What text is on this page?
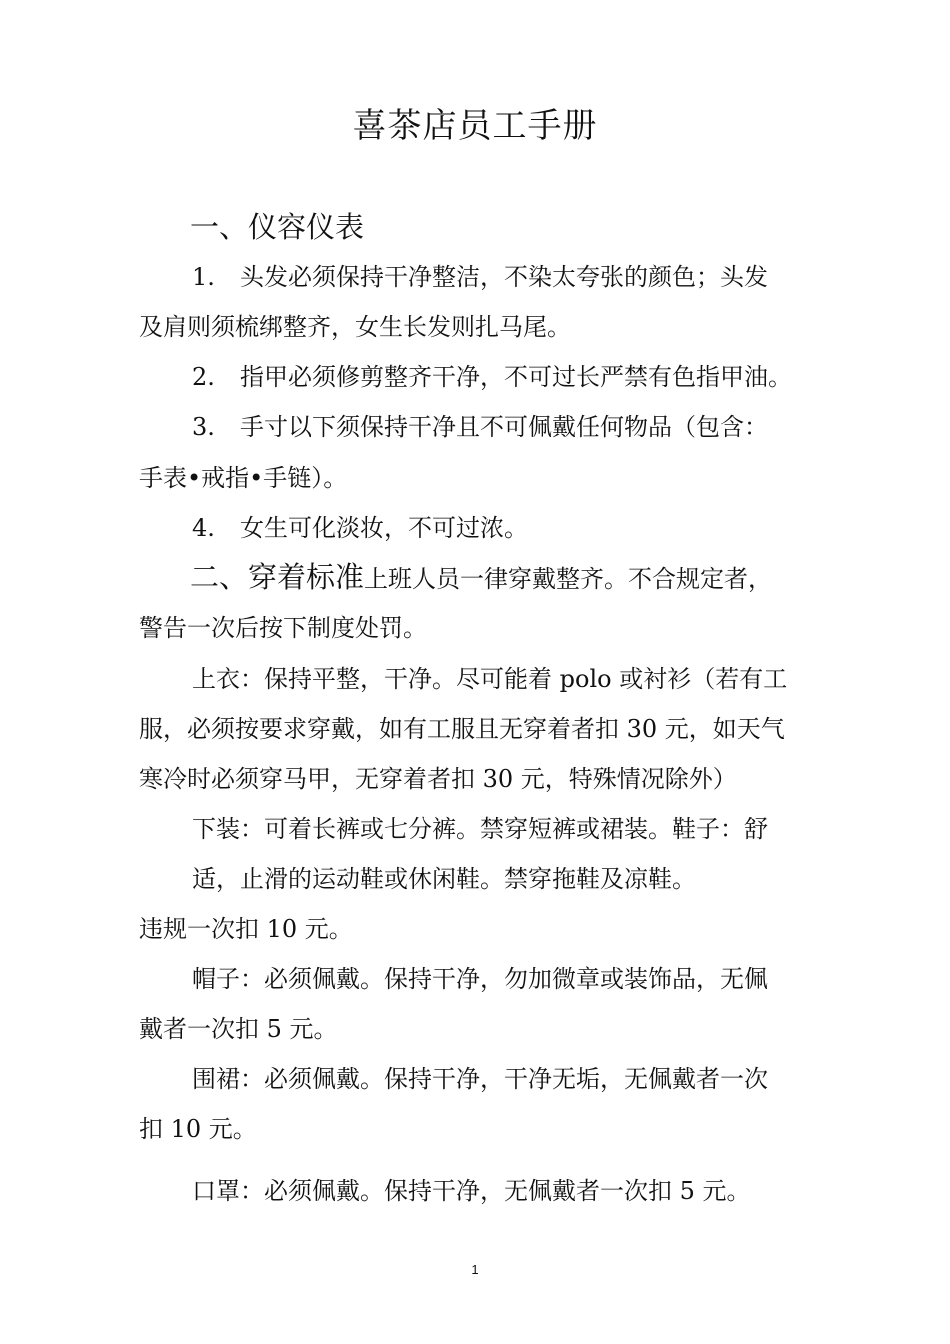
喜茶店员工手册
一、仪容仪表
1. 头发必须保持干净整洁，不染太夸张的颜色；头发
及肩则须梳绑整齐，女生长发则扎马尾。
2. 指甲必须修剪整齐干净，不可过长严禁有色指甲油。
3. 手寸以下须保持干净且不可佩戴任何物品（包含：
手表•戒指•手链）。
4. 女生可化淡妆，不可过浓。
二、穿着标准上班人员一律穿戴整齐。不合规定者，
警告一次后按下制度处罚。
上衣：保持平整，干净。尽可能着 polo 或衬衫（若有工
服，必须按要求穿戴，如有工服且无穿着者扣 30 元，如天气
寒冷时必须穿马甲，无穿着者扣 30 元，特殊情况除外）
下装：可着长裤或七分裤。禁穿短裤或裙装。鞋子：舒
适，止滑的运动鞋或休闲鞋。禁穿拖鞋及凉鞋。
违规一次扣 10 元。
帽子：必须佩戴。保持干净，勿加微章或装饰品，无佩
戴者一次扣 5 元。
围裙：必须佩戴。保持干净，干净无垢，无佩戴者一次
扣 10 元。
口罩：必须佩戴。保持干净，无佩戴者一次扣 5 元。
1
